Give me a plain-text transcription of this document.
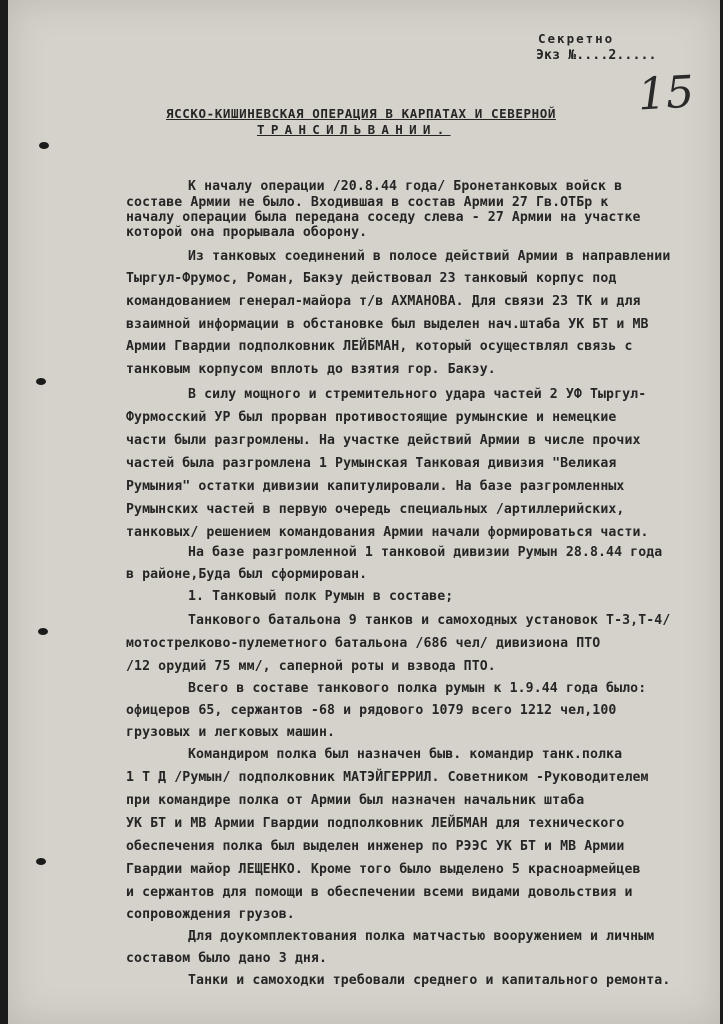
Секретно

Экз №....2.....

15

ЯССКО-КИШИНЕВСКАЯ ОПЕРАЦИЯ В КАРПАТАХ И СЕВЕРНОЙ

ТРАНСИЛЬВАНИИ.

К началу операции /20.8.44 года/ Бронетанковых войск в

составе Армии не было. Входившая в состав Армии 27 Гв.ОТБр к

началу операции была передана соседу слева - 27 Армии на участке

которой она прорывала оборону.

Из танковых соединений в полосе действий Армии в направлении

Тыргул-Фрумос, Роман, Бакэу действовал 23 танковый корпус под

командованием генерал-майора т/в АХМАНОВА. Для связи 23 ТК и для

взаимной информации в обстановке был выделен нач.штаба УК БТ и МВ

Армии Гвардии подполковник ЛЕЙБМАН, который осуществлял связь с

танковым корпусом вплоть до взятия гор. Бакэу.

В силу мощного и стремительного удара частей 2 УФ Тыргул-

Фурмосский УР был прорван противостоящие румынские и немецкие

части были разгромлены. На участке действий Армии в числе прочих

частей была разгромлена 1 Румынская Танковая дивизия "Великая

Румыния" остатки дивизии капитулировали. На базе разгромленных

Румынских частей в первую очередь специальных /артиллерийских,

танковых/ решением командования Армии начали формироваться части.

На базе разгромленной 1 танковой дивизии Румын 28.8.44 года

в районе,Буда был сформирован.

1. Танковый полк Румын в составе;

Танкового батальона 9 танков и самоходных установок Т-3,Т-4/

мотострелково-пулеметного батальона /686 чел/ дивизиона ПТО

/12 орудий 75 мм/, саперной роты и взвода ПТО.

Всего в составе танкового полка румын к 1.9.44 года было:

офицеров 65, сержантов -68 и рядового 1079 всего 1212 чел,100

грузовых и легковых машин.

Командиром полка был назначен быв. командир танк.полка

1 Т Д /Румын/ подполковник МАТЭЙГЕРРИЛ. Советником -Руководителем

при командире полка от Армии был назначен начальник штаба

УК БТ и МВ Армии Гвардии подполковник ЛЕЙБМАН для технического

обеспечения полка был выделен инженер по РЭЭС УК БТ и МВ Армии

Гвардии майор ЛЕЩЕНКО. Кроме того было выделено 5 красноармейцев

и сержантов для помощи в обеспечении всеми видами довольствия и

сопровождения грузов.

Для доукомплектования полка матчастью вооружением и личным

составом было дано 3 дня.

Танки и самоходки требовали среднего и капитального ремонта.
